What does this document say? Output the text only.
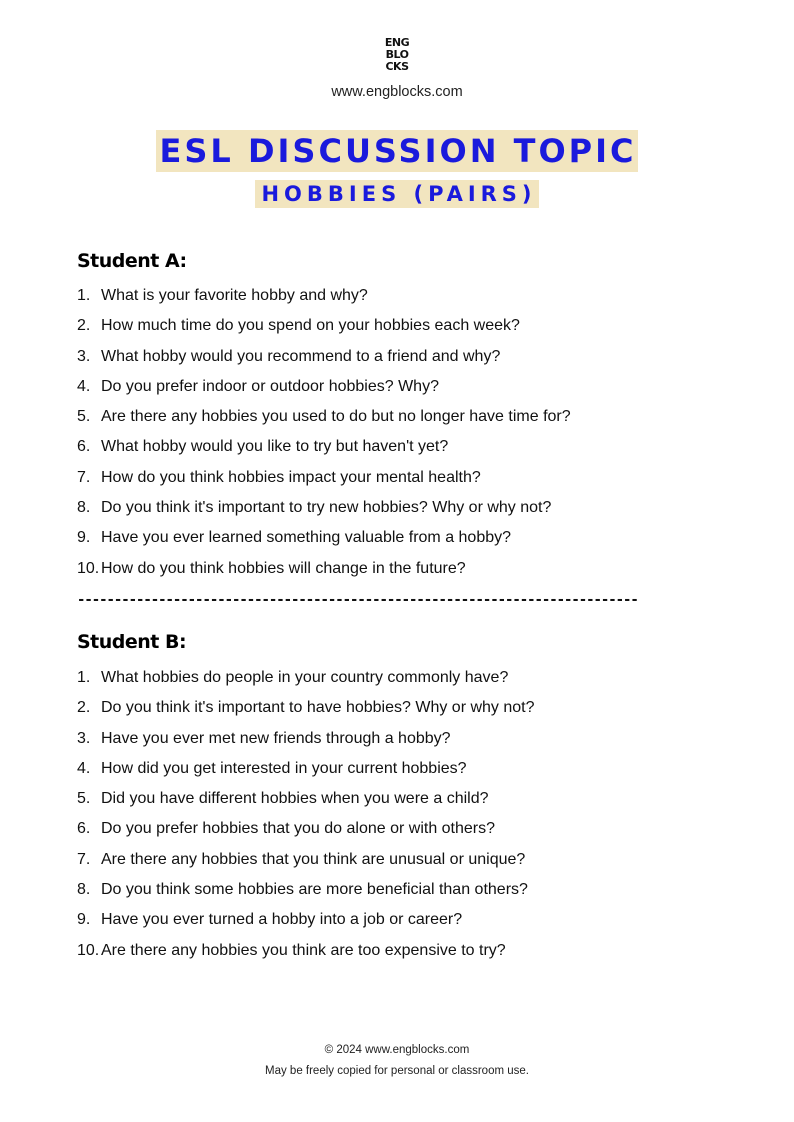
ENG
BLO
CKS
www.engblocks.com
ESL DISCUSSION TOPIC
HOBBIES (PAIRS)
Student A:
1. What is your favorite hobby and why?
2. How much time do you spend on your hobbies each week?
3. What hobby would you recommend to a friend and why?
4. Do you prefer indoor or outdoor hobbies? Why?
5. Are there any hobbies you used to do but no longer have time for?
6. What hobby would you like to try but haven't yet?
7. How do you think hobbies impact your mental health?
8. Do you think it's important to try new hobbies? Why or why not?
9. Have you ever learned something valuable from a hobby?
10. How do you think hobbies will change in the future?
----------------------------------------------------------------------------
Student B:
1. What hobbies do people in your country commonly have?
2. Do you think it's important to have hobbies? Why or why not?
3. Have you ever met new friends through a hobby?
4. How did you get interested in your current hobbies?
5. Did you have different hobbies when you were a child?
6. Do you prefer hobbies that you do alone or with others?
7. Are there any hobbies that you think are unusual or unique?
8. Do you think some hobbies are more beneficial than others?
9. Have you ever turned a hobby into a job or career?
10. Are there any hobbies you think are too expensive to try?
© 2024 www.engblocks.com
May be freely copied for personal or classroom use.
